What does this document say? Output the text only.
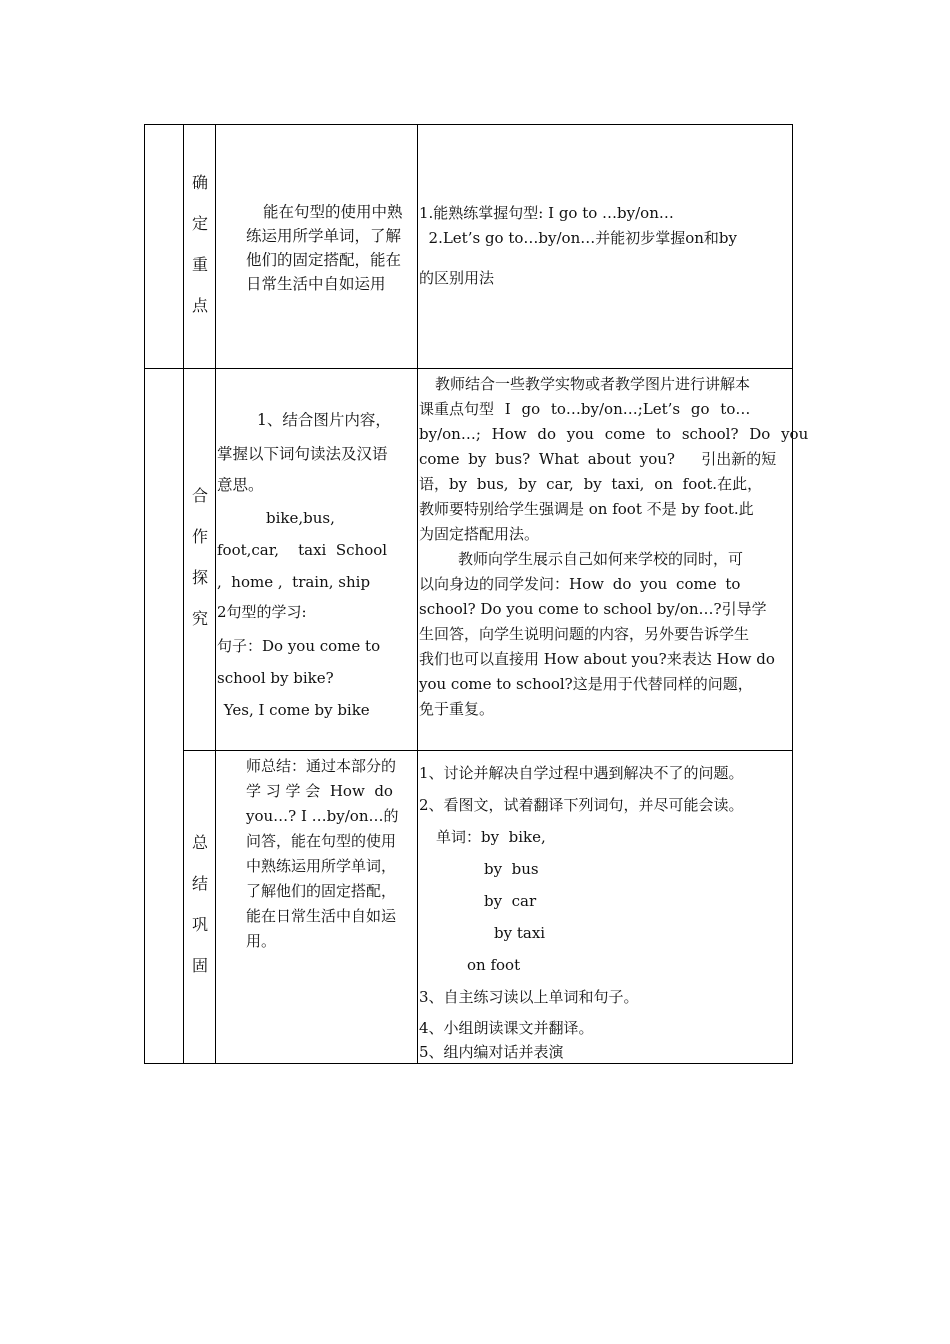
确
定
重
点
能在句型的使用中熟
练运用所学单词，了解
他们的固定搭配，能在
日常生活中自如运用
1.能熟练掌握句型: I go to …by/on…
2.Let’s go to…by/on…并能初步掌握on和by
的区别用法
合
作
探
究
1、结合图片内容，
掌握以下词句读法及汉语
意思。
bike,bus,
foot,car,    taxi  School
,  home ,  train, ship
2句型的学习:
句子：Do you come to
school by bike?
Yes, I come by bike
教师结合一些教学实物或者教学图片进行讲解本
课重点句型 I go to…by/on…;Let’s go to…
by/on…; How do you come to school? Do you
come by bus? What about you?   引出新的短
语，by bus, by car, by taxi, on foot.在此，
教师要特别给学生强调是 on foot 不是 by foot.此
为固定搭配用法。
教师向学生展示自己如何来学校的同时，可
以向身边的同学发问：How do you come to
school? Do you come to school by/on…?引导学
生回答，向学生说明问题的内容，另外要告诉学生
我们也可以直接用 How about you?来表达 How do
you come to school?这是用于代替同样的问题，
免于重复。
总
结
巩
固
师总结：通过本部分的
学 习 学 会  How  do
you…? I …by/on…的
问答，能在句型的使用
中熟练运用所学单词，
了解他们的固定搭配，
能在日常生活中自如运
用。
1、讨论并解决自学过程中遇到解决不了的问题。
2、看图文，试着翻译下列词句，并尽可能会读。
单词：by  bike,
by  bus
by  car
by taxi
on foot
3、自主练习读以上单词和句子。
4、小组朗读课文并翻译。
5、组内编对话并表演
